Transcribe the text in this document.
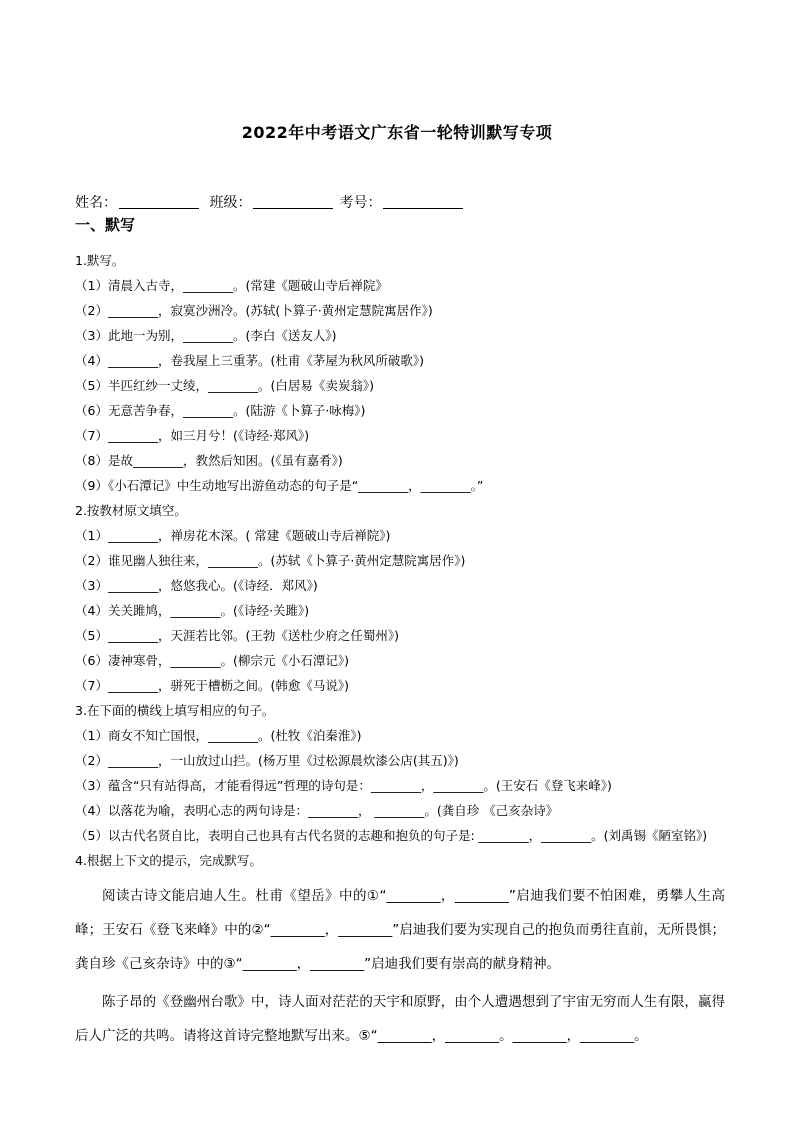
2022年中考语文广东省一轮特训默写专项
姓名：	班级：	考号：
一、默写
1.默写。
（1）清晨入古寺，________。(常建《题破山寺后禅院》
（2）________，寂寞沙洲冷。(苏轼(卜算子·黄州定慧院寓居作》)
（3）此地一为别，________。(李白《送友人》)
（4）________，卷我屋上三重茅。(杜甫《茅屋为秋风所破歌》)
（5）半匹红纱一丈绫，________。(白居易《卖炭翁》)
（6）无意苦争春，________。(陆游《卜算子·咏梅》)
（7）________，如三月兮！(《诗经·郑风》)
（8）是故________，教然后知困。(《虽有嘉肴》)
（9）《小石潭记》中生动地写出游鱼动态的句子是“________，________。”
2.按教材原文填空。
（1）________，禅房花木深。( 常建《题破山寺后禅院》)
（2）谁见幽人独往来，________。(苏轼《卜算子·黄州定慧院寓居作》)
（3）________，悠悠我心。(《诗经．郑风》)
（4）关关雎鸠，________。(《诗经·关雎》)
（5）________，天涯若比邻。(王勃《送杜少府之任蜀州》)
（6）凄神寒骨，________。(柳宗元《小石潭记》)
（7）________，骈死于槽枥之间。(韩愈《马说》)
3.在下面的横线上填写相应的句子。
（1）商女不知亡国恨，________。(杜牧《泊秦淮》)
（2）________，一山放过山拦。(杨万里《过松源晨炊漆公店(其五)》)
（3）蕴含“只有站得高，才能看得远”哲理的诗句是：________，________。(王安石《登飞来峰》)
（4）以落花为喻，表明心志的两句诗是：________， ________。(龚自珍 《己亥杂诗》
（5）以古代名贤自比，表明自己也具有古代名贤的志趣和抱负的句子是: ________，________。(刘禹锡《陋室铭》)
4.根据上下文的提示，完成默写。

阅读古诗文能启迪人生。杜甫《望岳》中的①“________，________”启迪我们要不怕困难，勇攀人生高峰；王安石《登飞来峰》中的②“________，________”启迪我们要为实现自己的抱负而勇往直前，无所畏惧；龚自珍《己亥杂诗》中的③“________，________”启迪我们要有崇高的献身精神。

陈子昂的《登幽州台歌》中，诗人面对茫茫的天宇和原野，由个人遭遇想到了宇宙无穷而人生有限，赢得后人广泛的共鸣。请将这首诗完整地默写出来。⑤“________，________。________，________。
